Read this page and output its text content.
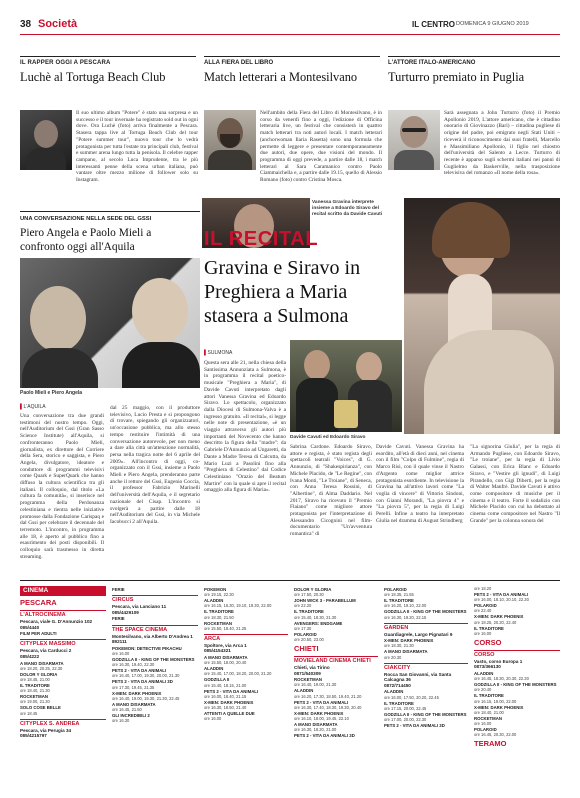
38 Società	IL CENTRO DOMENICA 9 GIUGNO 2019
IL RAPPER OGGI A PESCARA
Luchè al Tortuga Beach Club
Il suo ultimo album "Potere" è stato una sorpresa e un successo e il tour invernale ha registrato sold out in ogni dove. Ora Luchè (foto) arriva finalmente a Pescara. Stasera tappa live al Tortuga Beach Club del tour "Potere summer tour", nuovo tour che lo vedrà protagonista per tutta l'estate tra principali club, festival e summer arena lungo tutta la penisola. Il celebre rapper campano, al secolo Luca Imprudente, tra le più interessanti penne della scena urban italiana, può vantare oltre mezzo milione di follower solo su Instagram.
ALLA FIERA DEL LIBRO
Match letterari a Montesilvano
Nell'ambito della Fiera del Libro di Montesilvano, è in corso da venerdì fino a oggi, l'edizione di Officina letteraria live, un festival che consisterà in quattro match letterari tra noti autori locali. I match letterari (anchorwoman Ilaria Rasetta) sono una formula che permette di leggere e presentare contemporaneamente due autori, due opere, due visioni del mondo. Il programma di oggi prevede, a partire dalle 18, i match letterari al Sara Caramanico contro Paolo Ciammaichella e, a partire dalle 19.15, quello di Alessio Romano (foto) contro Cristina Mosca.
L'ATTORE ITALO-AMERICANO
Turturro premiato in Puglia
Sarà assegnata a John Turturro (foto) il Premio Apollonio 2019, L'attore americano, che è cittadino onorario di Giovinazzo (Bari) – cittadina pugliese di origine del padre, poi emigrato negli Stati Uniti – riceverà il riconoscimento dai suoi fratelli, Marcello e Massimiliano Apollonio, il figlio nel chiostro dell'università del Salento a Lecce. Turturro di recente è apparso sugli schermi italiani nei panni di Guglielmo da Baskerville, nella trasposizione televisiva del romanzo «Il nome della rosa».
UNA CONVERSAZIONE NELLA SEDE DEL GSSI
Piero Angela e Paolo Mieli a confronto oggi all'Aquila
Paolo Mieli e Piero Angela
▌L'AQUILA
Una conversazione tra due grandi testimoni del nostro tempo. Oggi, nell'Auditorium del Gssi (Gran Sasso Science Institute) all'Aquila, si confronteranno Paolo Mieli, giornalista, ex direttore del Corriere della Sera, storico e saggista, e Piero Angela, divulgatore, ideatore e conduttore di programmi televisivi come Quark e SuperQuark che hanno diffuso la cultura scientifica tra gli italiani. Il colloquio, dal titolo «La cultura fa comunità», si inserisce nel programma della Perdonanza celestiniana e rientra nelle iniziative promosse dalla Fondazione Carispaq e dal Gssi per celebrare il decennale del terremoto. L'incontro, in programma alle 18, è aperto al pubblico fino a esaurimento dei posti disponibili. Il colloquio sarà trasmesso in diretta streaming.
dal 25 maggio, con il produttore televisivo, Lucio Presta e si propongono di trovare, spiegando gli organizzatori, un'occasione pubblica, ma allo stesso tempo restituire l'intimità di una conversazione autorevole, per non meno a dare alla città un'attenzione normalità, persa nella tragica notte del 6 aprile del 2009». All'incontro di oggi, co-organizzato con il Gssi, insieme a Paolo Mieli e Piero Angela, prenderanno parte anche il rettore del Gssi, Eugenio Coccia, il professor Fabrizio Marinelli dell'università dell'Aquila, e il segretario nazionale del Cisap. L'incontro si svolgerà a partire dalle 18 nell'Auditorium del Gssi, in via Michele Iacobucci 2 all'Aquila.
Vanessa Gravina interprete insieme a Edoardo Siravo del recital scritto da Davide Cavuti
IL RECITAL
Gravina e Siravo in Preghiera a Maria stasera a Sulmona
Davide Cavuti ed Edoardo Siravo
▌SULMONA
Questa sera alle 21, nella chiesa della Santissima Annunziata a Sulmona, è in programma il recital poetico-musicale "Preghiera a Maria", di Davide Cavuti interpretato dagli attori Vanessa Gravina ed Edoardo Siravo. Lo spettacolo, organizzato dalla Diocesi di Sulmona-Valva è a ingresso gratuito. «Il recital», si legge nelle note di presentazione, «è un viaggio attraverso gli autori più importanti del Novecento che hanno descritto la figura della "madre": da Gabriele D'Annunzio ad Ungaretti, da Dante a Madre Teresa di Calcutta, da Mario Luzi a Pasolini fino alla "Preghiera di Celestino" dal Codice Celestiniano "Orazio del Beatum Martire" con la quale si apre il recital omaggio alla figura di Maria».
Sabrina Cardone. Edoardo Siravo, attore e regista, è stato regista degli spettacoli teatrali "Voices", di G. Annunzio, di "Shakespirianza", con Michele Placido, de "Le Regine", con Ivana Monti, "Le Troiane", di Seneca, con Anna Teresa Rossini, di "Albertine", di Alma Daddario. Nel 2017, Siravo ha ricevuto il "Premio Flaiano" come migliore attore protagonista per l'interpretazione di Alessandro Cicognini nel film-documentario "Un'avventura romantica" di
Davide Cavuti. Vanessa Gravina ha esordito, all'età di dieci anni, nel cinema con il film "Colpo di Fulmine", regia di Marco Risi, con il quale vinse il Nastro d'Argento come miglior attrice protagonista esordiente. In televisione la Gravina ha all'attivo lavori come "La voglia di vincere" di Vittorio Sindoni, con Gianni Morandi, "La piovra 4" e "La piovra 5", per la regia di Luigi Perelli. Infine a teatro ha interpretato Giulia nel dramma di August Strindberg
"La signorina Giulia", per la regia di Armando Pugliese, con Edoardo Siravo, "Le troiane", per la regia di Livio Galassi, con Erica Blanc e Edoardo Siravo, e "Vestire gli ignudi", di Luigi Pirandello, con Gigi Diberti, per la regia di Walter Manfrè. Davide Cavuti è attivo come compositore di musiche per il cinema e il teatro. Forte il sodalizio con Michele Placido con cui ha debuttato al cinema come compositore nel Nastro "Il Grande" per la colonna sonora del
CINEMA
PESCARA
L'ALTROCINEMA
Pescara, viale G. D'Annunzio 102
085/4440
FILM PER ADULTI
CITYPLEX MASSIMO
Pescara, via Carducci 2
085/4222
A MANO DISARMATA
ore 18.20, 20.25, 22.30
DOLOR Y GLORIA
ore 18.45, 21.00
IL TRADITORE
ore 18.40, 21.30
ROCKETMAN
ore 19.00, 21.20
SOLO COSE BELLE
ore 18.45
CITYPLEX S. ANDREA
Pescara, via Perugia 34
085/4215797
FERIE
CIRCUS
Pescara, via Lanciano 11
085/4429109
FERIE
THE SPACE CINEMA
Montesilvano, via Alberto D'Andrea 1
892111
POKEMON: DETECTIVE PIKACHU
ore 16.00
GODZILLA II - KING OF THE MONSTERS
ore 16.30, 19.40, 22.30
PETS 2 - VITA DA ANIMALI
ore 16.40, 17.00, 19.30, 20.00, 21.30
PETS 2 - VITA DA ANIMALI 3D
ore 17.30, 19.45, 21.35
X-MEN: DARK PHOENIX
ore 16.40, 19.00, 19.30, 21.30, 22.45
A MANO DISARMATA
ore 16.45, 21.50
GLI INCREDIBILI 2
ore 16.30
POKEMON
ore 19.15, 22.30
ALADDIN
ore 16.15, 16.30, 19.10, 19.30, 22.00
IL TRADITORE
ore 18.30, 21.50
ROCKETMAN
ore 15.50, 18.40, 21.25
ARCA
Spoltore, via Arca 1
085/4154321
A MANO DISARMATA
ore 15.50, 18.00, 20.40
ALADDIN
ore 15.40, 17.00, 18.20, 20.00, 21.20
GODZILLA II
ore 15.40, 18.15, 21.00
PETS 2 - VITA DA ANIMALI
ore 16.00, 18.40, 21.15
X-MEN: DARK PHOENIX
ore 16.30, 18.50, 21.40
ATTENTI A QUELLE DUE
ore 16.00
DOLOR Y GLORIA
ore 17.50, 20.30
JOHN WICK 3 - PARABELLUM
ore 22.20
IL TRADITORE
ore 15.40, 18.30, 21.30
AVENGERS: ENDGAME
ore 17.30
POLAROID
ore 20.50, 23.00
CHIETI
MOVIELAND CINEMA CHIETI
Chieti, via Tirino
0871/540309
ROCKETMAN
ore 16.40, 19.00, 21.30
ALADDIN
ore 16.20, 17.30, 18.50, 19.40, 21.20
PETS 2 - VITA DA ANIMALI
ore 16.30, 17.40, 18.30, 19.30, 20.40
X-MEN: DARK PHOENIX
ore 16.10, 18.00, 19.45, 22.10
A MANO DISARMATA
ore 16.30, 18.20, 21.00
PETS 2 - VITA DA ANIMALI 3D
POLAROID
ore 18.35, 21.55
IL TRADITORE
ore 16.20, 19.10, 22.00
GODZILLA II - KING OF THE MONSTERS
ore 16.30, 19.20, 22.15
GARDEN
Guardiagrele, Largo Pignatari 9
X-MEN: DARK PHOENIX
ore 18.30, 21.30
A MANO DISARMATA
ore 20.30
CIAKCITY
Rocca San Giovanni, via Santa Calcagna 36
0872/714450
ALADDIN
ore 16.00, 17.50, 20.20, 22.45
IL TRADITORE
ore 17.15, 20.00, 22.45
GODZILLA II - KING OF THE MONSTERS
ore 17.00, 20.00, 22.30
PETS 2 - VITA DA ANIMALI 3D
ore 18.20
PETS 2 - VITA DA ANIMALI
ore 16.00, 18.10, 20.10, 22.30
POLAROID
ore 22.40
X-MEN: DARK PHOENIX
ore 18.25, 20.20, 22.40
IL TRADITORE
ore 16.00
CORSO
CORSO
Vasto, corso Europa 1
0873/366130
ALADDIN
ore 16.45, 18.30, 20.30, 22.30
GODZILLA II - KING OF THE MONSTERS
ore 20.40
IL TRADITORE
ore 16.15, 19.00, 22.00
X-MEN: DARK PHOENIX
ore 18.40, 21.00
ROCKETMAN
ore 16.00
POLAROID
ore 16.45, 20.30, 22.00
TERAMO
